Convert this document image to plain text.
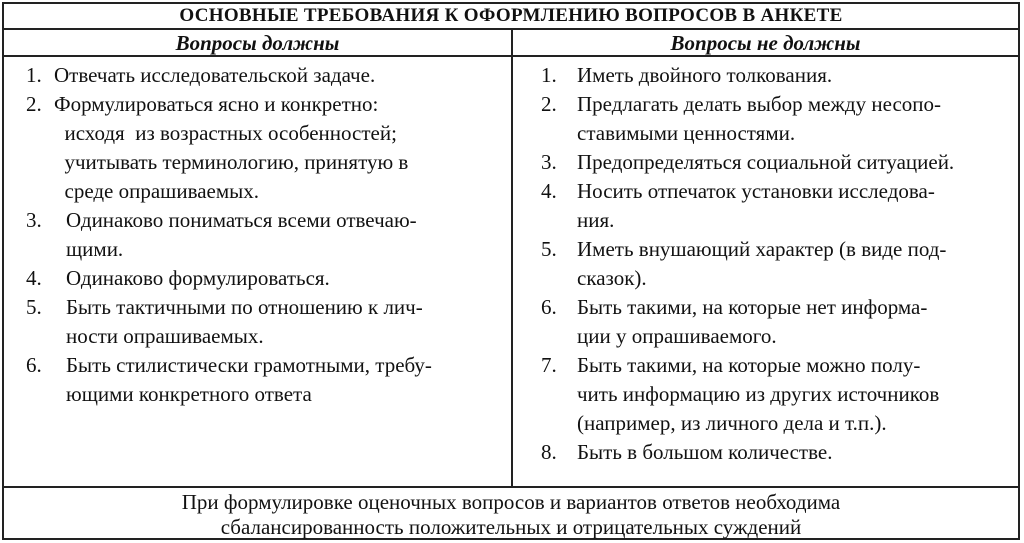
ОСНОВНЫЕ ТРЕБОВАНИЯ К ОФОРМЛЕНИЮ ВОПРОСОВ В АНКЕТЕ
Вопросы должны	Вопросы не должны
1. Отвечать исследовательской задаче.
2. Формулироваться ясно и конкретно:
исходя  из возрастных особенностей;
учитывать терминологию, принятую в
среде опрашиваемых.
3. Одинаково пониматься всеми отвечаю-
щими.
4. Одинаково формулироваться.
5. Быть тактичными по отношению к лич-
ности опрашиваемых.
6. Быть стилистически грамотными, требу-
ющими конкретного ответа
1. Иметь двойного толкования.
2. Предлагать делать выбор между несопо-
ставимыми ценностями.
3. Предопределяться социальной ситуацией.
4. Носить отпечаток установки исследова-
ния.
5. Иметь внушающий характер (в виде под-
сказок).
6. Быть такими, на которые нет информа-
ции у опрашиваемого.
7. Быть такими, на которые можно полу-
чить информацию из других источников
(например, из личного дела и т.п.).
8. Быть в большом количестве.
При формулировке оценочных вопросов и вариантов ответов необходима
сбалансированность положительных и отрицательных суждений
